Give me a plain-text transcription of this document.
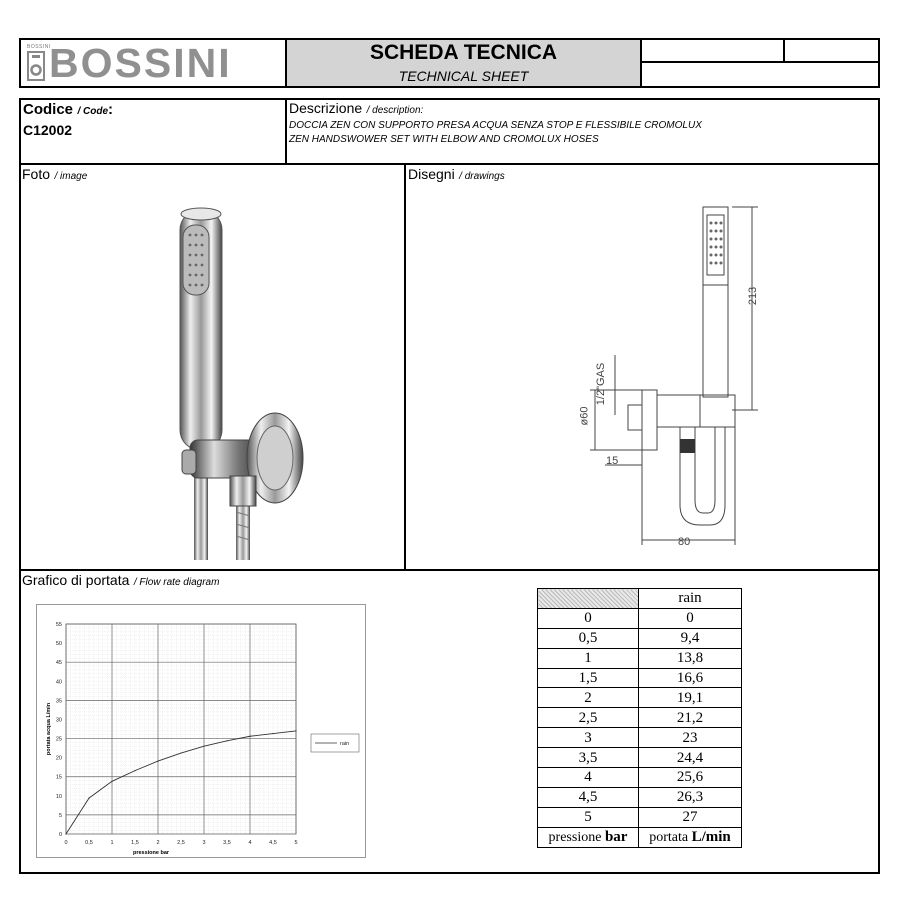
BOSSINI
BOSSINI	SCHEDA TECNICA
TECHNICAL SHEET
Codice / Code:
C12002
Descrizione / description:
DOCCIA ZEN CON SUPPORTO PRESA ACQUA SENZA STOP E FLESSIBILE CROMOLUX
ZEN HANDSWOWER SET WITH ELBOW AND CROMOLUX HOSES
Foto / image	Disegni / drawings
213
1/2"GAS
ø60
15
80
Grafico di portata / Flow rate diagram
0	0,5	1	1,5	2	2,5	3	3,5	4	4,5	5
0
5
10
15
20
25
30
35
40
45
50
55
pressione bar
portata acqua L/min	rain
	rain
0	0
0,5	9,4
1	13,8
1,5	16,6
2	19,1
2,5	21,2
3	23
3,5	24,4
4	25,6
4,5	26,3
5	27
pressione bar	portata L/min
